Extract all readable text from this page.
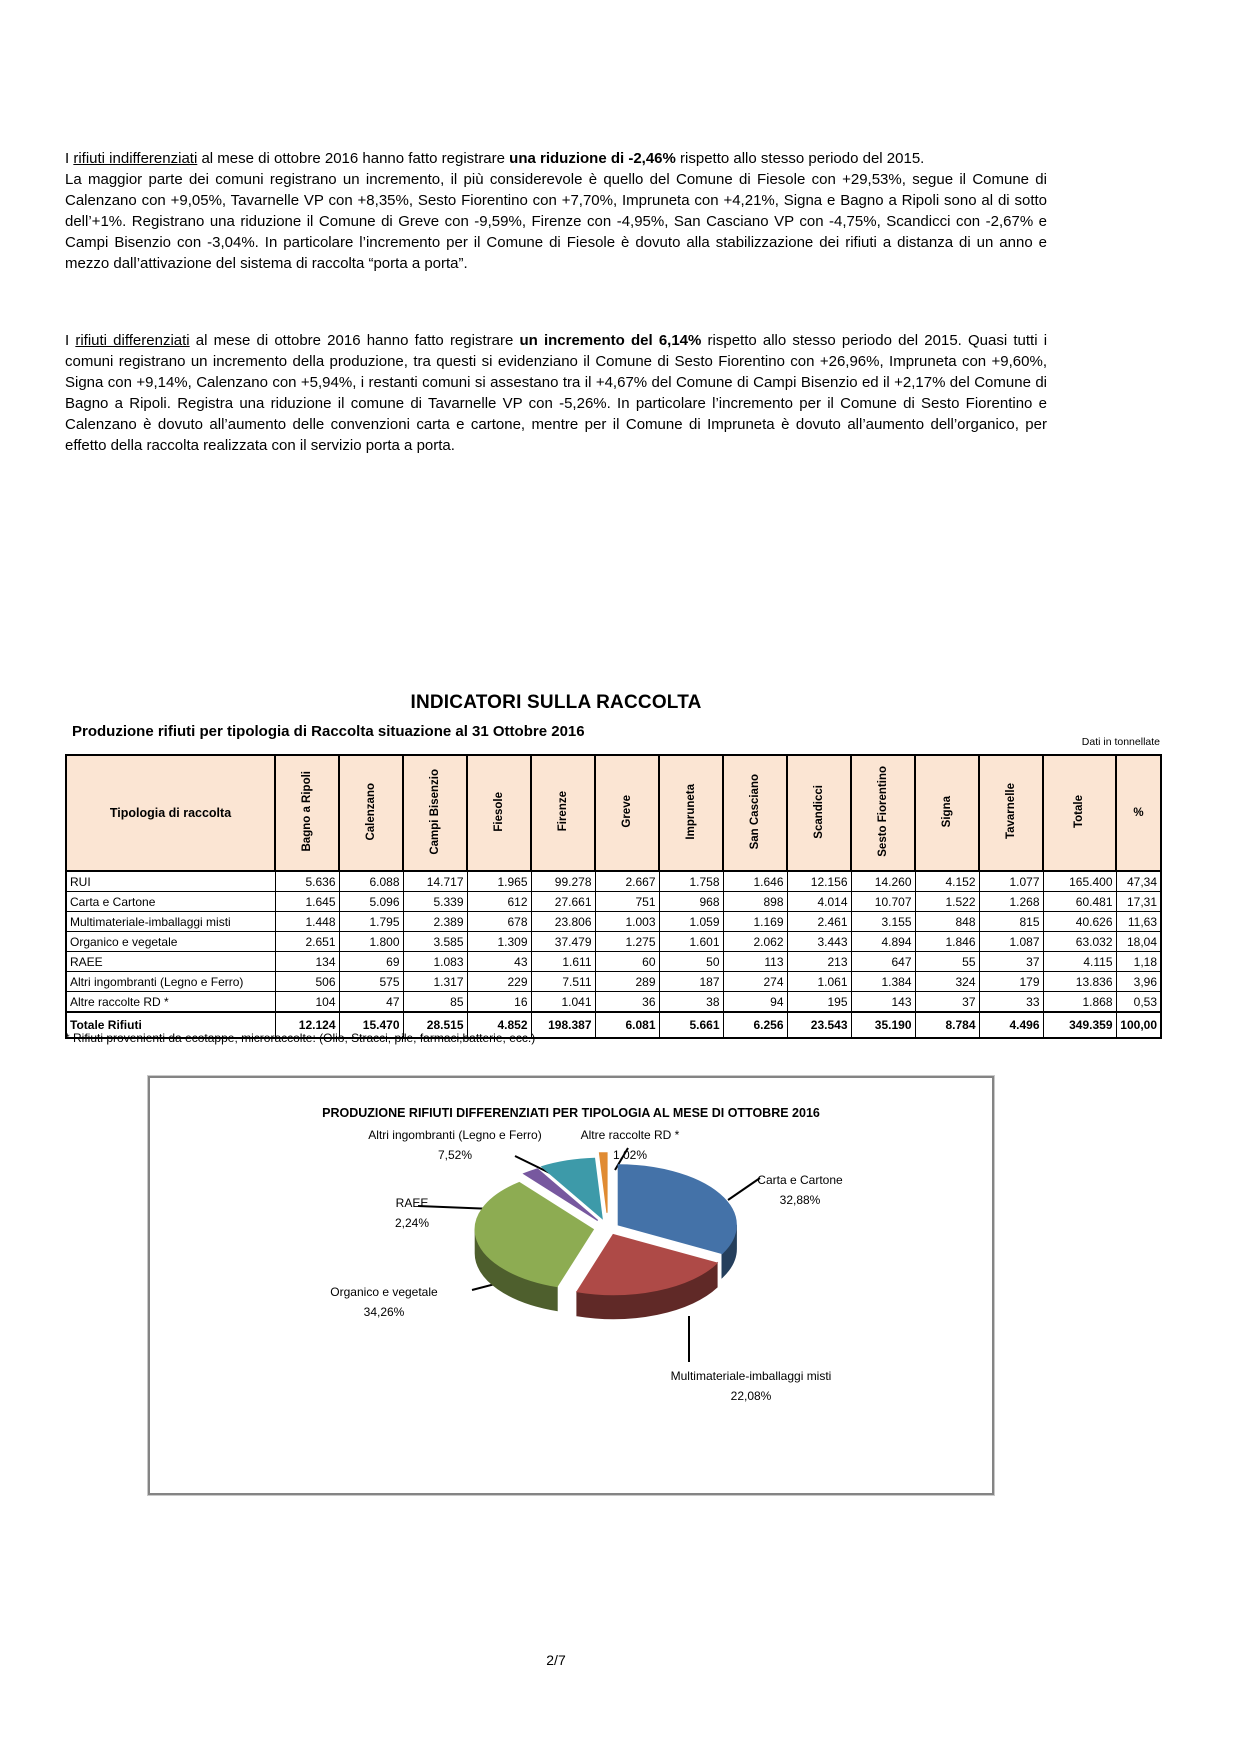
I rifiuti indifferenziati al mese di ottobre 2016 hanno fatto registrare una riduzione di -2,46% rispetto allo stesso periodo del 2015.
La maggior parte dei comuni registrano un incremento, il più considerevole è quello del Comune di Fiesole con +29,53%, segue il Comune di Calenzano con +9,05%, Tavarnelle VP con +8,35%, Sesto Fiorentino con +7,70%, Impruneta con +4,21%, Signa e Bagno a Ripoli sono al di sotto dell’+1%. Registrano una riduzione il Comune di Greve con -9,59%, Firenze con -4,95%, San Casciano VP con -4,75%, Scandicci con -2,67% e Campi Bisenzio con -3,04%. In particolare l’incremento per il Comune di Fiesole è dovuto alla stabilizzazione dei rifiuti a distanza di un anno e mezzo dall’attivazione del sistema di raccolta “porta a porta”.
I rifiuti differenziati al mese di ottobre 2016 hanno fatto registrare un incremento del 6,14% rispetto allo stesso periodo del 2015. Quasi tutti i comuni registrano un incremento della produzione, tra questi si evidenziano il Comune di Sesto Fiorentino con +26,96%, Impruneta con +9,60%, Signa con +9,14%, Calenzano con +5,94%, i restanti comuni si assestano tra il +4,67% del Comune di Campi Bisenzio ed il +2,17% del Comune di Bagno a Ripoli. Registra una riduzione il comune di Tavarnelle VP con -5,26%. In particolare l’incremento per il Comune di Sesto Fiorentino e Calenzano è dovuto all’aumento delle convenzioni carta e cartone, mentre per il Comune di Impruneta è dovuto all’aumento dell’organico, per effetto della raccolta realizzata con il servizio porta a porta.
INDICATORI SULLA RACCOLTA
Produzione rifiuti per tipologia di Raccolta situazione al 31 Ottobre 2016
Dati in tonnellate
Tipologia di raccolta	Bagno a Ripoli	Calenzano	Campi Bisenzio	Fiesole	Firenze	Greve	Impruneta	San Casciano	Scandicci	Sesto Fiorentino	Signa	Tavarnelle	Totale	%
RUI	5.636	6.088	14.717	1.965	99.278	2.667	1.758	1.646	12.156	14.260	4.152	1.077	165.400	47,34
Carta e Cartone	1.645	5.096	5.339	612	27.661	751	968	898	4.014	10.707	1.522	1.268	60.481	17,31
Multimateriale-imballaggi misti	1.448	1.795	2.389	678	23.806	1.003	1.059	1.169	2.461	3.155	848	815	40.626	11,63
Organico e vegetale	2.651	1.800	3.585	1.309	37.479	1.275	1.601	2.062	3.443	4.894	1.846	1.087	63.032	18,04
RAEE	134	69	1.083	43	1.611	60	50	113	213	647	55	37	4.115	1,18
Altri ingombranti (Legno e Ferro)	506	575	1.317	229	7.511	289	187	274	1.061	1.384	324	179	13.836	3,96
Altre raccolte RD *	104	47	85	16	1.041	36	38	94	195	143	37	33	1.868	0,53
Totale Rifiuti	12.124	15.470	28.515	4.852	198.387	6.081	5.661	6.256	23.543	35.190	8.784	4.496	349.359	100,00
* Rifiuti provenienti da ecotappe, microraccolte: (Olio, Stracci, pile, farmaci,batterie, ecc.)
PRODUZIONE RIFIUTI DIFFERENZIATI PER TIPOLOGIA AL MESE DI OTTOBRE 2016
Altri ingombranti (Legno e Ferro)
7,52%
Altre raccolte RD *
1,02%
RAEE
2,24%
Carta e Cartone
32,88%
Organico e vegetale
34,26%
Multimateriale-imballaggi misti
22,08%
2/7
